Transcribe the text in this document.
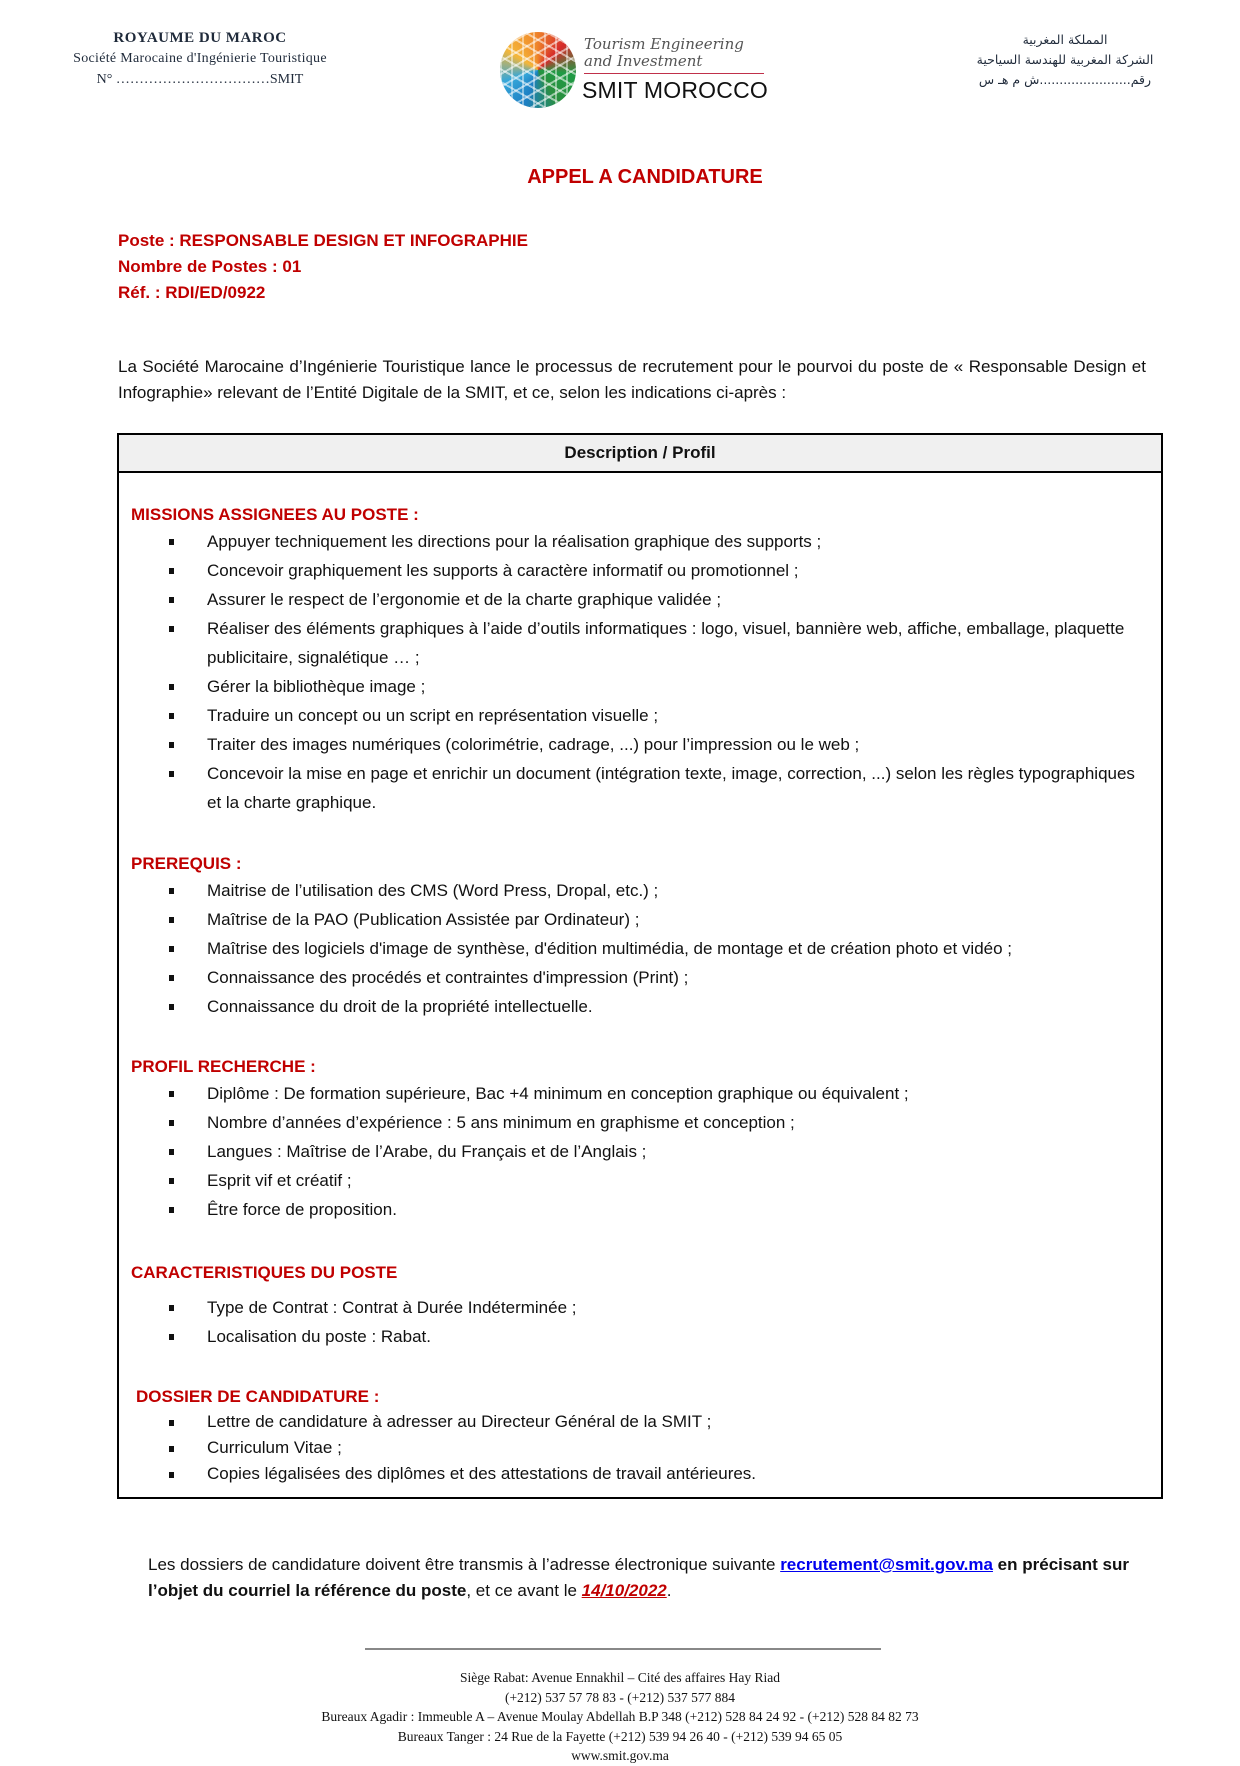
ROYAUME DU MAROC
Société Marocaine d'Ingénierie Touristique
N° ……………………………SMIT
Tourism Engineering
and Investment
SMIT MOROCCO
المملكة المغربية
الشركة المغربية للهندسة السياحية
رقم.......................ش م هـ س
APPEL A CANDIDATURE
Poste : RESPONSABLE DESIGN ET INFOGRAPHIE
Nombre de Postes : 01
Réf. : RDI/ED/0922
La Société Marocaine d’Ingénierie Touristique lance le processus de recrutement pour le pourvoi du poste de « Responsable Design et Infographie» relevant de l’Entité Digitale de la SMIT, et ce, selon les indications ci-après :
Description / Profil
MISSIONS ASSIGNEES AU POSTE :
Appuyer techniquement les directions pour la réalisation graphique des supports ;
Concevoir graphiquement les supports à caractère informatif ou promotionnel ;
Assurer le respect de l’ergonomie et de la charte graphique validée ;
Réaliser des éléments graphiques à l’aide d’outils informatiques : logo, visuel, bannière web, affiche, emballage, plaquette publicitaire, signalétique … ;
Gérer la bibliothèque image ;
Traduire un concept ou un script en représentation visuelle ;
Traiter des images numériques (colorimétrie, cadrage, ...) pour l’impression ou le web ;
Concevoir la mise en page et enrichir un document (intégration texte, image, correction, ...) selon les règles typographiques et la charte graphique.
PREREQUIS :
Maitrise de l’utilisation des CMS (Word Press, Dropal, etc.) ;
Maîtrise de la PAO (Publication Assistée par Ordinateur) ;
Maîtrise des logiciels d'image de synthèse, d'édition multimédia, de montage et de création photo et vidéo ;
Connaissance des procédés et contraintes d'impression (Print) ;
Connaissance du droit de la propriété intellectuelle.
PROFIL RECHERCHE :
Diplôme : De formation supérieure, Bac +4 minimum en conception graphique ou équivalent ;
Nombre d’années d’expérience : 5 ans minimum en graphisme et conception ;
Langues : Maîtrise de l’Arabe, du Français et de l’Anglais ;
Esprit vif et créatif ;
Être force de proposition.
CARACTERISTIQUES DU POSTE
Type de Contrat : Contrat à Durée Indéterminée ;
Localisation du poste : Rabat.
DOSSIER DE CANDIDATURE :
Lettre de candidature à adresser au Directeur Général de la SMIT ;
Curriculum Vitae ;
Copies légalisées des diplômes et des attestations de travail antérieures.
Les dossiers de candidature doivent être transmis à l’adresse électronique suivante recrutement@smit.gov.ma en précisant sur l’objet du courriel la référence du poste, et ce avant le 14/10/2022.
Siège Rabat: Avenue Ennakhil – Cité des affaires Hay Riad
(+212) 537 57 78 83 - (+212) 537 577 884
Bureaux Agadir : Immeuble A – Avenue Moulay Abdellah B.P 348 (+212) 528 84 24 92 - (+212) 528 84 82 73
Bureaux Tanger : 24 Rue de la Fayette (+212) 539 94 26 40 - (+212) 539 94 65 05
www.smit.gov.ma
